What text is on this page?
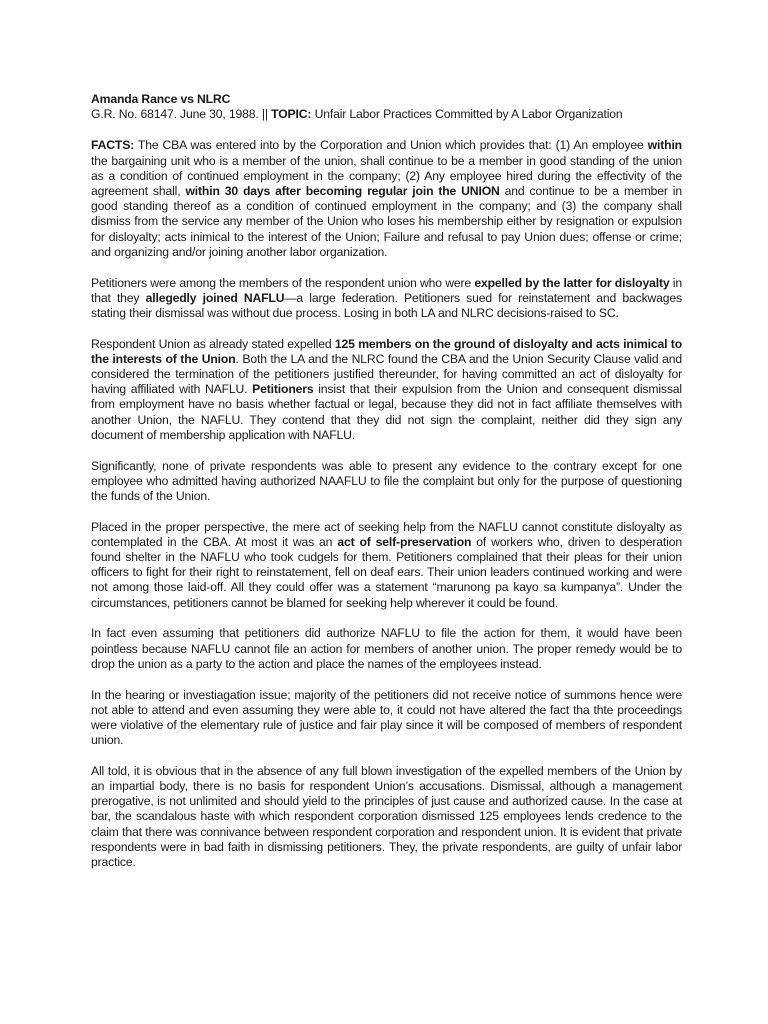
Amanda Rance vs NLRC
G.R. No. 68147. June 30, 1988. || TOPIC: Unfair Labor Practices Committed by A Labor Organization

FACTS: The CBA was entered into by the Corporation and Union which provides that: (1) An employee within the bargaining unit who is a member of the union, shall continue to be a member in good standing of the union as a condition of continued employment in the company; (2) Any employee hired during the effectivity of the agreement shall, within 30 days after becoming regular join the UNION and continue to be a member in good standing thereof as a condition of continued employment in the company; and (3) the company shall dismiss from the service any member of the Union who loses his membership either by resignation or expulsion for disloyalty; acts inimical to the interest of the Union; Failure and refusal to pay Union dues; offense or crime; and organizing and/or joining another labor organization.

Petitioners were among the members of the respondent union who were expelled by the latter for disloyalty in that they allegedly joined NAFLU—a large federation. Petitioners sued for reinstatement and backwages stating their dismissal was without due process. Losing in both LA and NLRC decisions-raised to SC.

Respondent Union as already stated expelled 125 members on the ground of disloyalty and acts inimical to the interests of the Union. Both the LA and the NLRC found the CBA and the Union Security Clause valid and considered the termination of the petitioners justified thereunder, for having committed an act of disloyalty for having affiliated with NAFLU. Petitioners insist that their expulsion from the Union and consequent dismissal from employment have no basis whether factual or legal, because they did not in fact affiliate themselves with another Union, the NAFLU. They contend that they did not sign the complaint, neither did they sign any document of membership application with NAFLU.

Significantly, none of private respondents was able to present any evidence to the contrary except for one employee who admitted having authorized NAAFLU to file the complaint but only for the purpose of questioning the funds of the Union.

Placed in the proper perspective, the mere act of seeking help from the NAFLU cannot constitute disloyalty as contemplated in the CBA. At most it was an act of self-preservation of workers who, driven to desperation found shelter in the NAFLU who took cudgels for them. Petitioners complained that their pleas for their union officers to fight for their right to reinstatement, fell on deaf ears. Their union leaders continued working and were not among those laid-off. All they could offer was a statement “marunong pa kayo sa kumpanya”. Under the circumstances, petitioners cannot be blamed for seeking help wherever it could be found.

In fact even assuming that petitioners did authorize NAFLU to file the action for them, it would have been pointless because NAFLU cannot file an action for members of another union. The proper remedy would be to drop the union as a party to the action and place the names of the employees instead.

In the hearing or investiagation issue; majority of the petitioners did not receive notice of summons hence were not able to attend and even assuming they were able to, it could not have altered the fact tha thte proceedings were violative of the elementary rule of justice and fair play since it will be composed of members of respondent union.

All told, it is obvious that in the absence of any full blown investigation of the expelled members of the Union by an impartial body, there is no basis for respondent Union’s accusations. Dismissal, although a management prerogative, is not unlimited and should yield to the principles of just cause and authorized cause. In the case at bar, the scandalous haste with which respondent corporation dismissed 125 employees lends credence to the claim that there was connivance between respondent corporation and respondent union. It is evident that private respondents were in bad faith in dismissing petitioners. They, the private respondents, are guilty of unfair labor practice.
